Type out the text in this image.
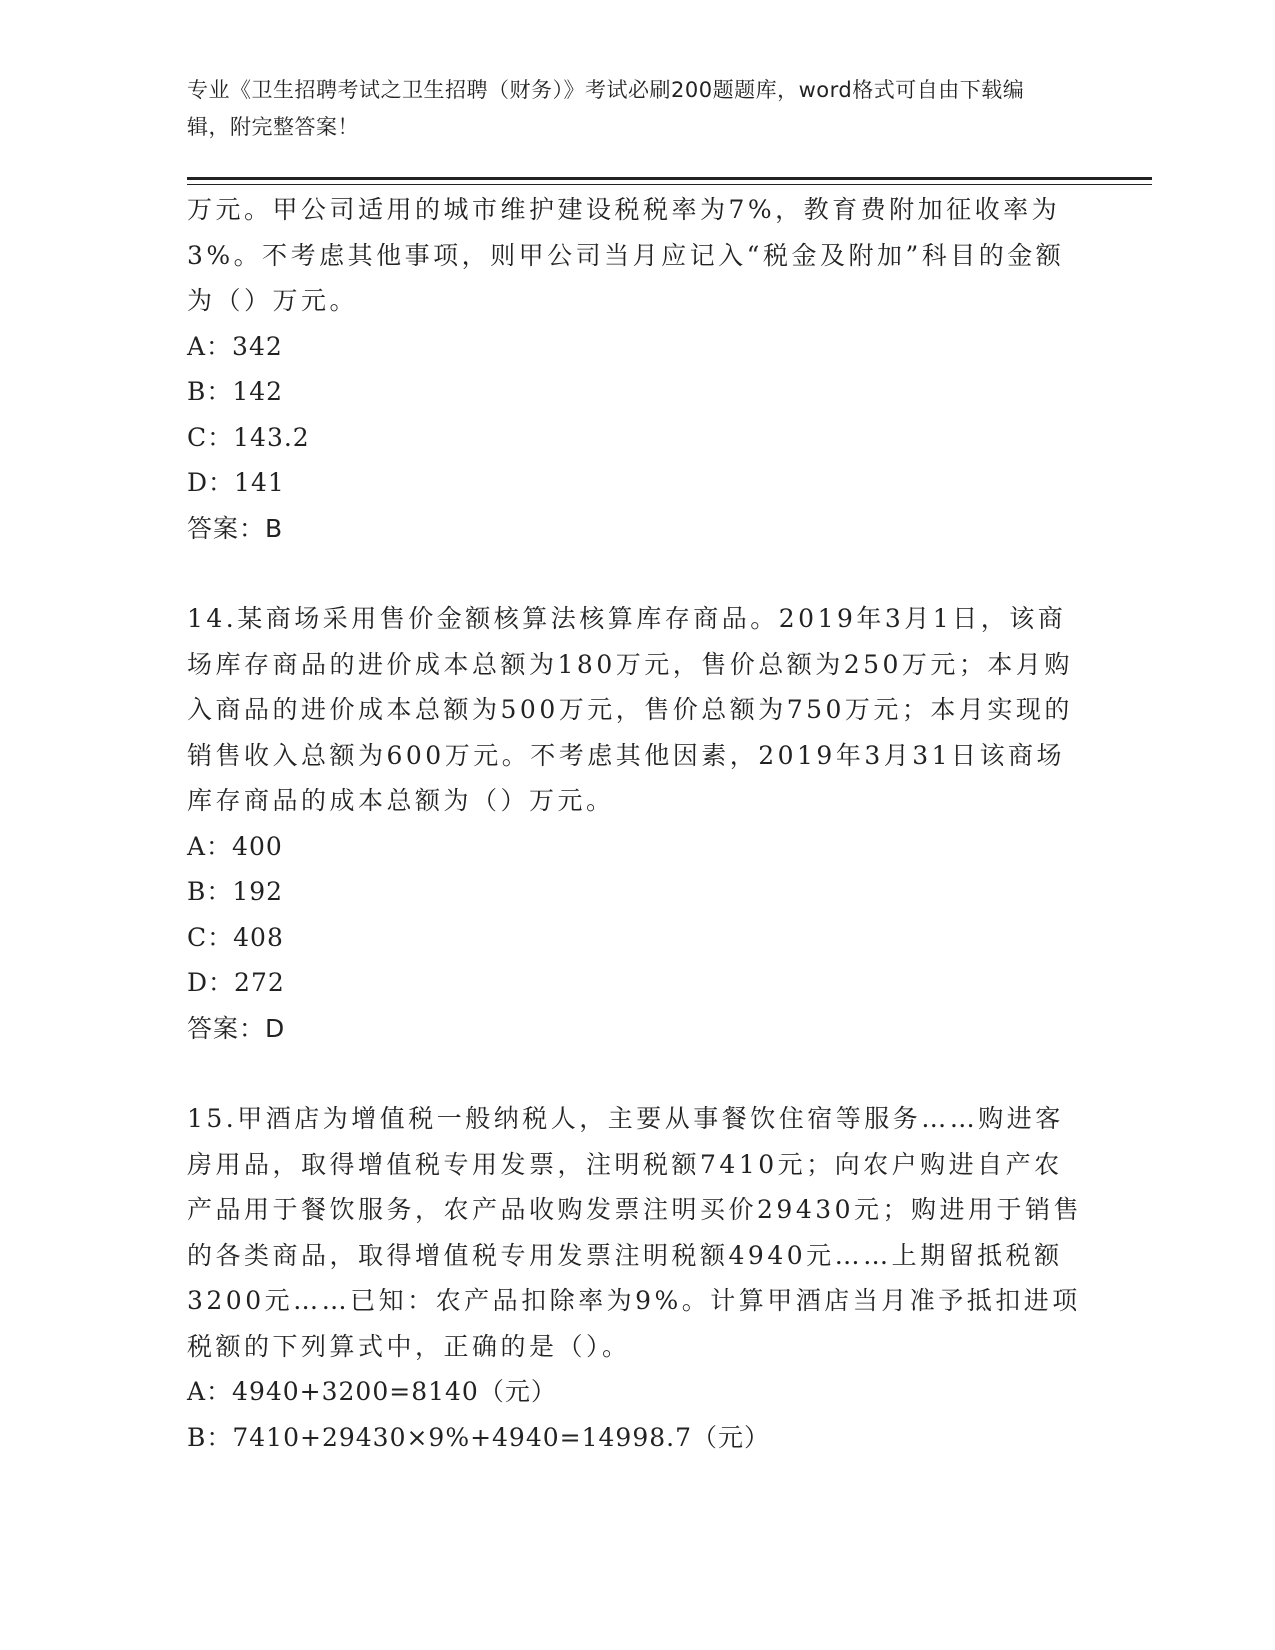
专业《卫生招聘考试之卫生招聘（财务）》考试必刷200题题库，word格式可自由下载编辑，附完整答案！

万元。甲公司适用的城市维护建设税税率为7%，教育费附加征收率为3%。不考虑其他事项，则甲公司当月应记入“税金及附加”科目的金额为（）万元。

A：342

B：142

C：143.2

D：141

答案：B

14.某商场采用售价金额核算法核算库存商品。2019年3月1日，该商场库存商品的进价成本总额为180万元，售价总额为250万元；本月购入商品的进价成本总额为500万元，售价总额为750万元；本月实现的销售收入总额为600万元。不考虑其他因素，2019年3月31日该商场库存商品的成本总额为（）万元。

A：400

B：192

C：408

D：272

答案：D

15.甲酒店为增值税一般纳税人，主要从事餐饮住宿等服务……购进客房用品，取得增值税专用发票，注明税额7410元；向农户购进自产农产品用于餐饮服务，农产品收购发票注明买价29430元；购进用于销售的各类商品，取得增值税专用发票注明税额4940元……上期留抵税额3200元……已知：农产品扣除率为9%。计算甲酒店当月准予抵扣进项税额的下列算式中，正确的是（）。

A：4940+3200=8140（元）

B：7410+29430×9%+4940=14998.7（元）
